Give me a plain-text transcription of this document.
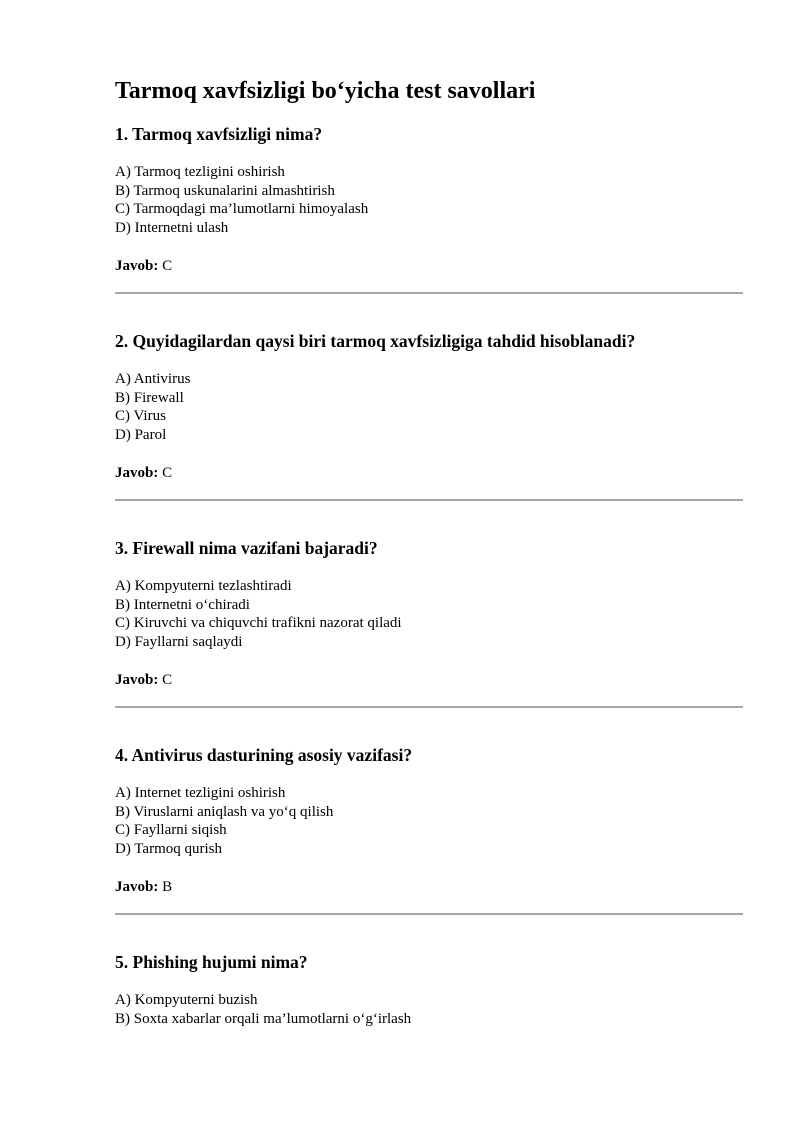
Tarmoq xavfsizligi bo‘yicha test savollari
1. Tarmoq xavfsizligi nima?
A) Tarmoq tezligini oshirish
B) Tarmoq uskunalarini almashtirish
C) Tarmoqdagi ma’lumotlarni himoyalash
D) Internetni ulash
Javob: C
2. Quyidagilardan qaysi biri tarmoq xavfsizligiga tahdid hisoblanadi?
A) Antivirus
B) Firewall
C) Virus
D) Parol
Javob: C
3. Firewall nima vazifani bajaradi?
A) Kompyuterni tezlashtiradi
B) Internetni o‘chiradi
C) Kiruvchi va chiquvchi trafikni nazorat qiladi
D) Fayllarni saqlaydi
Javob: C
4. Antivirus dasturining asosiy vazifasi?
A) Internet tezligini oshirish
B) Viruslarni aniqlash va yo‘q qilish
C) Fayllarni siqish
D) Tarmoq qurish
Javob: B
5. Phishing hujumi nima?
A) Kompyuterni buzish
B) Soxta xabarlar orqali ma’lumotlarni o‘g‘irlash
